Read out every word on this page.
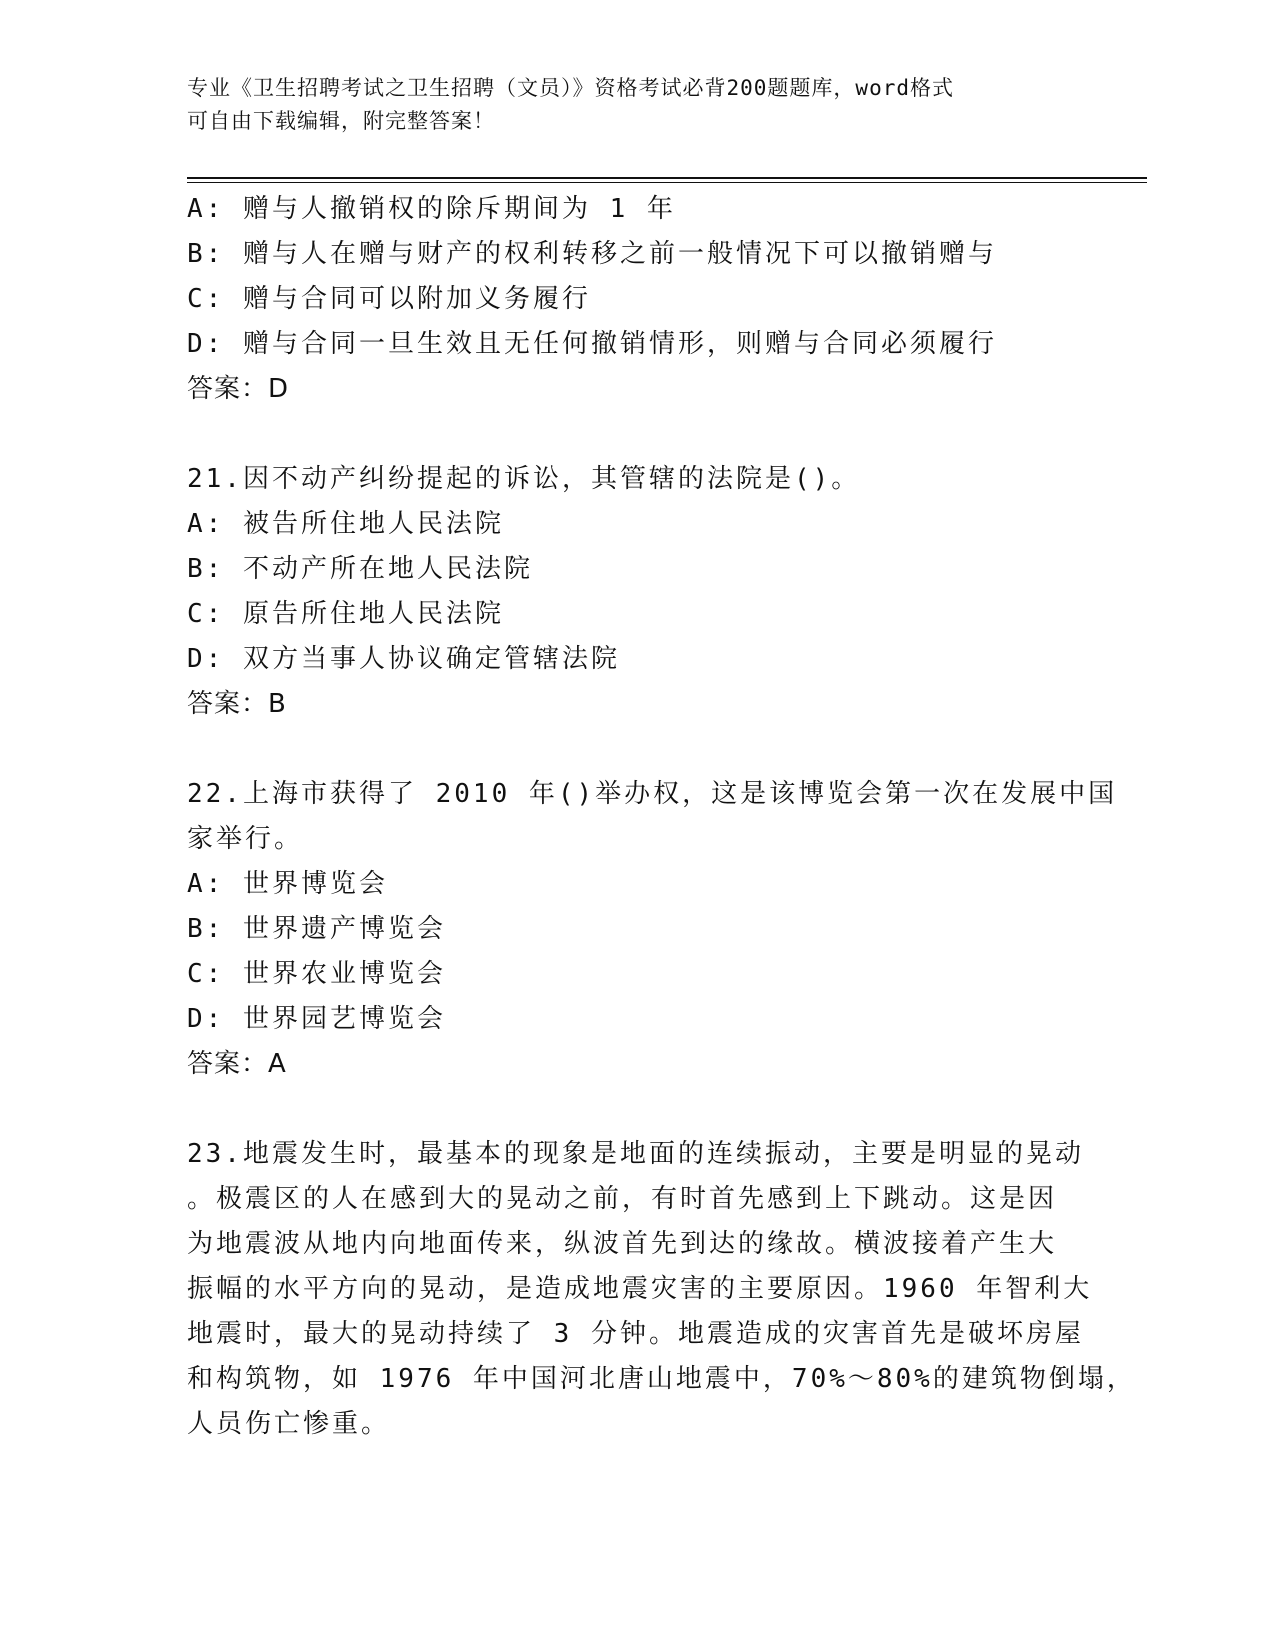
专业《卫生招聘考试之卫生招聘（文员）》资格考试必背200题题库，word格式
可自由下载编辑，附完整答案！
A: 赠与人撤销权的除斥期间为 1 年
B: 赠与人在赠与财产的权利转移之前一般情况下可以撤销赠与
C: 赠与合同可以附加义务履行
D: 赠与合同一旦生效且无任何撤销情形，则赠与合同必须履行
答案：D
21.因不动产纠纷提起的诉讼，其管辖的法院是()。
A: 被告所住地人民法院
B: 不动产所在地人民法院
C: 原告所住地人民法院
D: 双方当事人协议确定管辖法院
答案：B
22.上海市获得了 2010 年()举办权，这是该博览会第一次在发展中国
家举行。
A: 世界博览会
B: 世界遗产博览会
C: 世界农业博览会
D: 世界园艺博览会
答案：A
23.地震发生时，最基本的现象是地面的连续振动，主要是明显的晃动
。极震区的人在感到大的晃动之前，有时首先感到上下跳动。这是因
为地震波从地内向地面传来，纵波首先到达的缘故。横波接着产生大
振幅的水平方向的晃动，是造成地震灾害的主要原因。1960 年智利大
地震时，最大的晃动持续了 3 分钟。地震造成的灾害首先是破坏房屋
和构筑物，如 1976 年中国河北唐山地震中，70%～80%的建筑物倒塌，
人员伤亡惨重。
